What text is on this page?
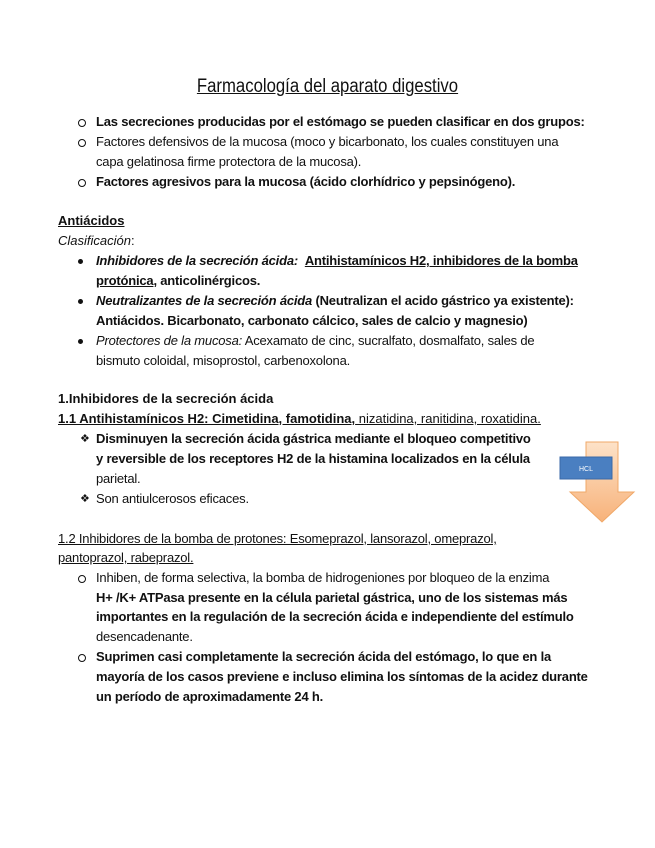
Farmacología del aparato digestivo
Las secreciones producidas por el estómago se pueden clasificar en dos grupos:
Factores defensivos de la mucosa (moco y bicarbonato, los cuales constituyen una
capa gelatinosa firme protectora de la mucosa).
Factores agresivos para la mucosa (ácido clorhídrico y pepsinógeno).
Antiácidos
Clasificación:
Inhibidores de la secreción ácida: Antihistamínicos H2, inhibidores de la bomba
protónica, anticolinérgicos.
Neutralizantes de la secreción ácida (Neutralizan el acido gástrico ya existente):
Antiácidos. Bicarbonato, carbonato cálcico, sales de calcio y magnesio)
Protectores de la mucosa: Acexamato de cinc, sucralfato, dosmalfato, sales de
bismuto coloidal, misoprostol, carbenoxolona.
1.Inhibidores de la secreción ácida
1.1 Antihistamínicos H2: Cimetidina, famotidina, nizatidina, ranitidina, roxatidina.
❖ Disminuyen la secreción ácida gástrica mediante el bloqueo competitivo
y reversible de los receptores H2 de la histamina localizados en la célula
parietal.
❖ Son antiulcerosos eficaces.
HCL
1.2 Inhibidores de la bomba de protones: Esomeprazol, lansorazol, omeprazol,
pantoprazol, rabeprazol.
Inhiben, de forma selectiva, la bomba de hidrogeniones por bloqueo de la enzima
H+ /K+ ATPasa presente en la célula parietal gástrica, uno de los sistemas más
importantes en la regulación de la secreción ácida e independiente del estímulo
desencadenante.
Suprimen casi completamente la secreción ácida del estómago, lo que en la
mayoría de los casos previene e incluso elimina los síntomas de la acidez durante
un período de aproximadamente 24 h.
